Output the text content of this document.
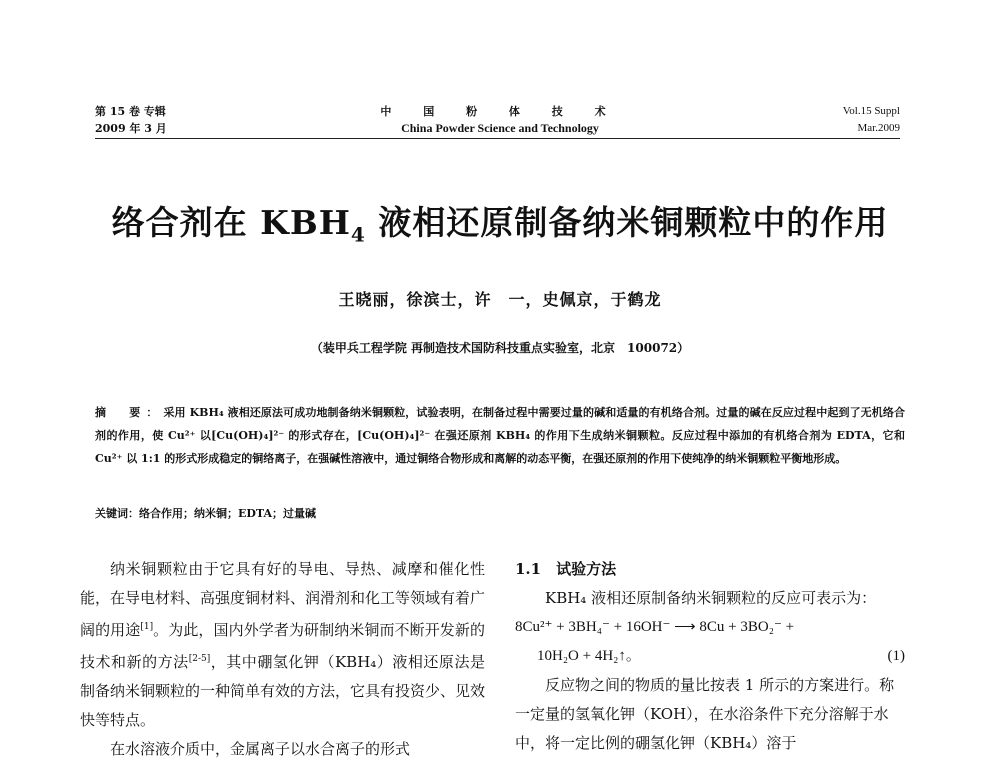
第 15 卷 专辑
2009 年 3 月
中 国 粉 体 技 术
China Powder Science and Technology
Vol.15 Suppl
Mar.2009
络合剂在 $KBH_4$ 液相还原制备纳米铜颗粒中的作用
王晓丽，徐滨士，许　一，史佩京，于鹤龙
（装甲兵工程学院 再制造技术国防科技重点实验室，北京　100072）
摘　要：采用 KBH₄ 液相还原法可成功地制备纳米铜颗粒，试验表明，在制备过程中需要过量的碱和适量的有机络合剂。过量的碱在反应过程中起到了无机络合剂的作用，使 Cu²⁺ 以[Cu(OH)₄]²⁻ 的形式存在，[Cu(OH)₄]²⁻ 在强还原剂 KBH₄ 的作用下生成纳米铜颗粒。反应过程中添加的有机络合剂为 EDTA，它和 Cu²⁺ 以 1:1 的形式形成稳定的铜络离子，在强碱性溶液中，通过铜络合物形成和离解的动态平衡，在强还原剂的作用下使纯净的纳米铜颗粒平衡地形成。
关键词：络合作用；纳米铜；EDTA；过量碱

纳米铜颗粒由于它具有好的导电、导热、减摩和催化性能，在导电材料、高强度铜材料、润滑剂和化工等领域有着广阔的用途[1]。为此，国内外学者为研制纳米铜而不断开发新的技术和新的方法[2-5]，其中硼氢化钾（KBH₄）液相还原法是制备纳米铜颗粒的一种简单有效的方法，它具有投资少、见效快等特点。

在水溶液介质中，金属离子以水合离子的形式

1.1　试验方法

KBH₄ 液相还原制备纳米铜颗粒的反应可表示为：

8Cu²⁺ + 3BH₄⁻ + 16OH⁻ ⟶ 8Cu + 3BO₂⁻ +

10H₂O + 4H₂↑。	(1)

反应物之间的物质的量比按表 1 所示的方案进行。称一定量的氢氧化钾（KOH），在水浴条件下充分溶解于水中，将一定比例的硼氢化钾（KBH₄）溶于
